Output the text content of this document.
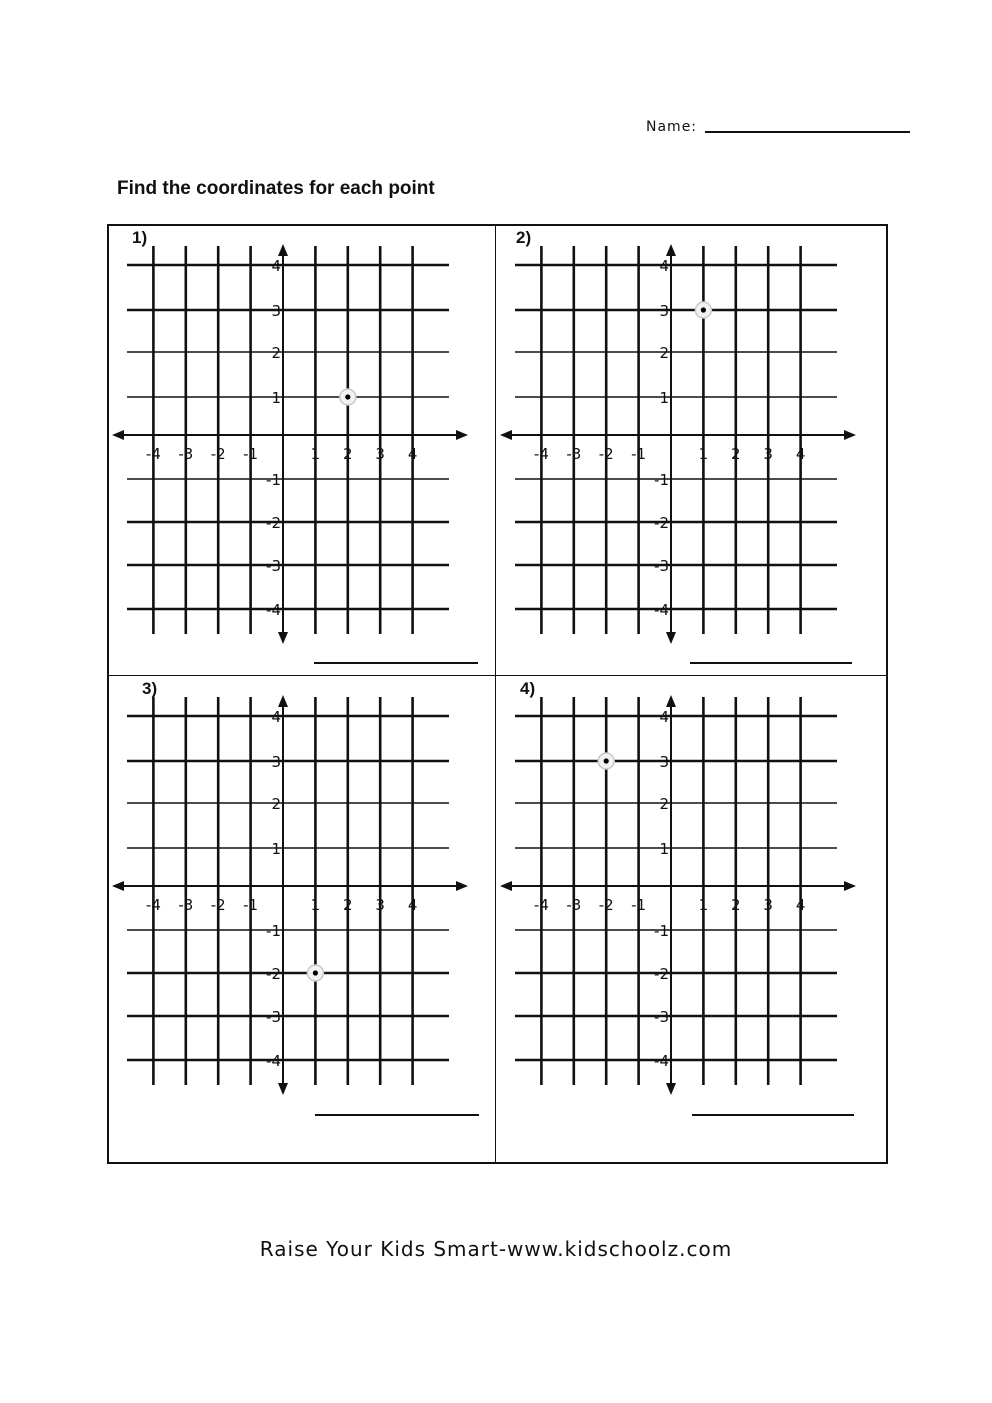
Name:
Find the coordinates for each point
1)
-4 -3 -2 -1	1 2 3 4
4
3
2
1
-1
-2
-3
-4
2)
-4 -3 -2 -1	1 2 3 4
4
3
2
1
-1
-2
-3
-4
3)
-4 -3 -2 -1	1 2 3 4
4
3
2
1
-1
-2
-3
-4
4)
-4 -3 -2 -1	1 2 3 4
4
3
2
1
-1
-2
-3
-4
Raise Your Kids Smart-www.kidschoolz.com
